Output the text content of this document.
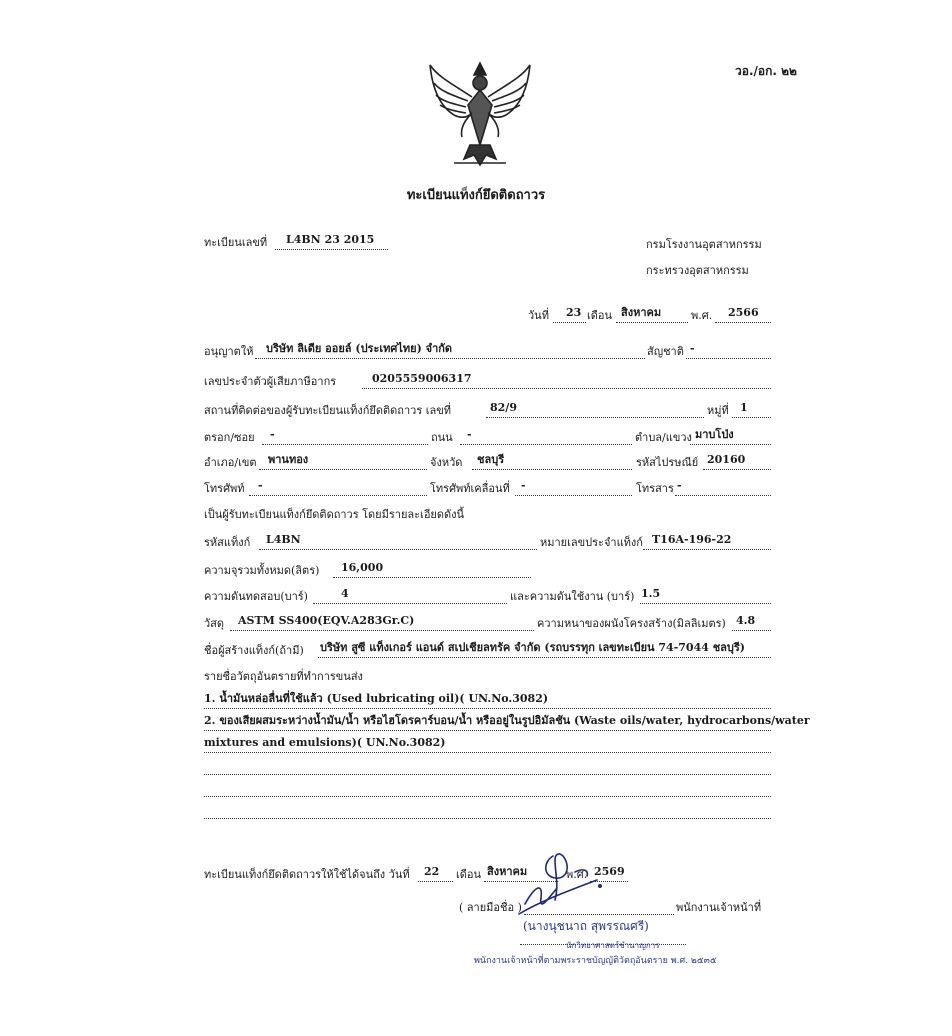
วอ./อก. ๒๒
ทะเบียนแท็งก์ยึดติดถาวร
ทะเบียนเลขที่ L4BN 23 2015	กรมโรงงานอุตสาหกรรม
กระทรวงอุตสาหกรรม
วันที่ 23 เดือน สิงหาคม	พ.ศ. 2566
อนุญาตให้ บริษัท ลิเดีย ออยล์ (ประเทศไทย) จำกัด	สัญชาติ -
เลขประจำตัวผู้เสียภาษีอากร	0205559006317
สถานที่ติดต่อของผู้รับทะเบียนแท็งก์ยึดติดถาวร เลขที่	82/9	หมู่ที่ 1
ตรอก/ซอย -	ถนน -	ตำบล/แขวง มาบโป่ง
อำเภอ/เขต พานทอง	จังหวัด ชลบุรี	รหัสไปรษณีย์ 20160
โทรศัพท์ -	โทรศัพท์เคลื่อนที่ -	โทรสาร -
เป็นผู้รับทะเบียนแท็งก์ยึดติดถาวร โดยมีรายละเอียดดังนี้
รหัสแท็งก์ L4BN	หมายเลขประจำแท็งก์ T16A-196-22
ความจุรวมทั้งหมด(ลิตร) 16,000
ความดันทดสอบ(บาร์)	4	และความดันใช้งาน (บาร์) 1.5
วัสดุ ASTM SS400(EQV.A283Gr.C)	ความหนาของผนังโครงสร้าง(มิลลิเมตร) 4.8
ชื่อผู้สร้างแท็งก์(ถ้ามี) บริษัท สูซี แท็งเกอร์ แอนด์ สเปเชียลทรัค จำกัด (รถบรรทุก เลขทะเบียน 74-7044 ชลบุรี)
รายชื่อวัตถุอันตรายที่ทำการขนส่ง
1. น้ำมันหล่อลื่นที่ใช้แล้ว (Used lubricating oil)( UN.No.3082)
2. ของเสียผสมระหว่างน้ำมัน/น้ำ หรือไฮโดรคาร์บอน/น้ำ หรืออยู่ในรูปอิมัลชัน (Waste oils/water, hydrocarbons/water
mixtures and emulsions)( UN.No.3082)
ทะเบียนแท็งก์ยึดติดถาวรให้ใช้ได้จนถึง วันที่ 22 เดือน สิงหาคม	พ.ศ. 2569
( ลายมือชื่อ )	พนักงานเจ้าหน้าที่
(นางนุชนาถ สุพรรณศรี)
นักวิทยาศาสตร์ชำนาญการ
พนักงานเจ้าหน้าที่ตามพระราชบัญญัติวัตถุอันตราย พ.ศ. ๒๕๓๕
